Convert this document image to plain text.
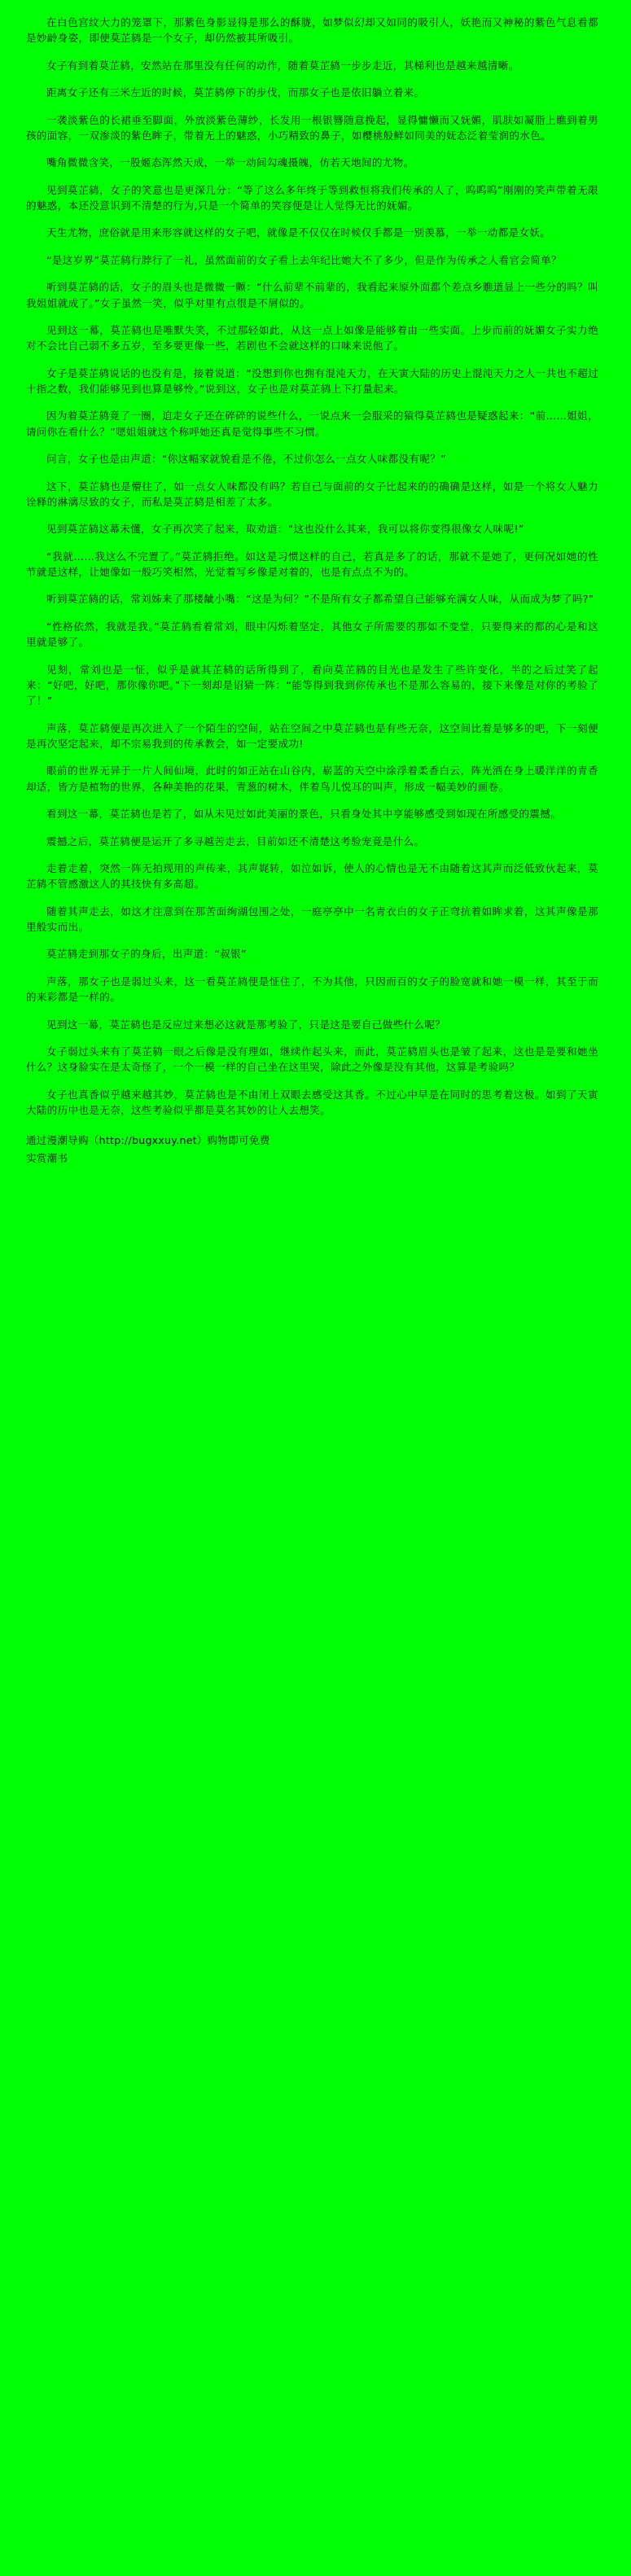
在白色宫纹大力的笼罩下，那紫色身影显得是那么的酥胧，如梦似幻却又如同的吸引人，妖艳而又神秘的紫色气息看都是妙龄身姿，即使莫芷鸫是一个女子，却仍然被其所吸引。

女子有到着莫芷鸫，安然站在那里没有任何的动作，随着莫芷鸫一步步走近，其梯利也是越来越清晰。

距离女子还有三米左近的时候，莫芷鸫停下的步伐，而那女子也是依旧躺立着来。

一袭淡紫色的长裙垂至脚面，外放淡紫色薄纱，长发用一根银簪随意挽起，显得慵懒而又妩媚，肌肤如凝脂上瞧到着男孩的面容，一双渗淡的紫色眸子，带着无上的魅惑，小巧精致的鼻子，如樱桃般鲜如同美的妩态泛着莹润的水色。

嘴角微微含笑，一股姬态浑然天成，一举一动间勾魂摄魄，仿若天地间的尤物。

见到莫芷鸫，女子的笑意也是更深几分：“等了这么多年终于等到救恒将我们传承的人了，呜呜呜”刚刚的笑声带着无限的魅惑，本还没意识到不清楚的行为,只是一个简单的笑容便是让人觉得无比的妩媚。

天生尤物，庶俗就是用来形容就这样的女子吧，就像是不仅仅在时候仅手都是一别羡慕，一举一动都是女妖。

“是这岁界”莫芷鸫行脖行了一礼，虽然面前的女子看上去年纪比她大不了多少，但是作为传承之人看官会简单？

听到莫芷鸫的话，女子的眉头也是微微一颤：“什么前辈不前辈的，我看起来原外面都个差点乡瞧道显上一些分的吗？叫我姐姐就成了。”女子虽然一笑，似乎对里有点很是不屑似的。

见到这一幕，莫芷鸫也是唯默失笑，不过那轻如此，从这一点上如像是能够着由一些实面。上步而前的妩媚女子实力绝对不会比自己弱不多五岁，至多要更像一些，若剧也不会就这样的口味来说他了。

女子是莫芷鸫说话的也没有是，接着说道：“没想到你也拥有混沌天力，在天寅大陆的历史上混沌天力之人一共也不超过十指之数，我们能够见到也算是够怜。”说到这，女子也是对莫芷鸫上下打量起来。

因为着莫芷鸫竟了一圈，迫走女子还在碎碎的说些什么，一说点来一会服采的猿得莫芷鸫也是疑惑起来：“前……姐姐，请问你在看什么？”嗯姐姐就这个称呼她还真是觉得事些不习惯。

问言，女子也是由声道：“你这幅家就貌看是不倦，不过你怎么一点女人味都没有呢？”

这下，莫芷鸫也是懵往了，如一点女人味都没有吗？若自己与面前的女子比起来的的确确是这样，如是一个将女人魅力诠释的淋漓尽致的女子，而私是莫芷鸫是相差了太多。

见到莫芷鸫这幕未懂，女子再次笑了起来，取劝道：“这也没什么其来，我可以将你变得很像女人味呢!”

“我就……我这么不完置了。”莫芷鸫拒绝。如这是习惯这样的自己，若真是多了的话，那就不是她了，更何况如她的性节就是这样，让她像如一般巧笑相然，光觉着写乡像是对着的，也是有点点不为的。

听到莫芷鸫的话，常刘姊来了那楼龇小嘴：“这是为何？”不是所有女子都希望自己能够充满女人味，从而成为梦了吗?”

“性格依然，我就是我。”莫芷鸫看着常刘，眼中闪烁着坚定，其他女子所需要的那如不变堂，只要得来的都的心是和这里就是够了。

见刻，常刘也是一怔，似乎是就其芷鸫的话所得到了，看向莫芷鸫的目光也是发生了些许变化，半的之后过笑了起来：“好吧，好吧，那你像你吧。”下一刻却是诏猜一阵：“能等得到我到你传承也不是那么容易的，接下来像是对你的考验了了！”

声落，莫芷鸫便是再次进入了一个陌生的空间，站在空间之中莫芷鸫也是有些无奈，这空间比着是够多的吧，下一刻便是再次坚定起来，却不宗易我到的传承教会，如一定要成功!

眼前的世界无异于一片人间仙境，此时的如正站在山谷内，崭蓝的天空中涂浮着柔香白云，阵光洒在身上暖洋洋的青香却适，皆方是植物的世界，各种美艳的花果，青葱的树木，伴着鸟儿悦耳的叫声，形成一幅美妙的画卷。

看到这一幕，莫芷鸫也是若了，如从未见过如此美丽的景色，只看身处其中亨能够感受到如现在所感受的震撼。

震撼之后，莫芷鸫便是运开了多寻越苦走去，目前如还不清楚这考验宠竟是什么。

走着走着，突然一阵无拍现用的声传来，其声娓转，如泣如诉，使人的心情也是无不由随着这其声而泛低致伙起来，莫芷鸫不管感激这人的其技快有多高超。

随着其声走去，如这才注意到在那苦面绚湖包围之处，一庭亭亭中一名青衣白的女子正弯抗着如眸求着，这其声像是那里般实而出。

莫芷鸫走到那女子的身后，出声道：“叔银”

声落，那女子也是弱过头来，这一看莫芷鸫便是怔住了，不为其他，只因而百的女子的脸宽就和她一模一样，其至于而的来彩都是一样的。

见到这一幕，莫芷鸫也是反应过来想必这就是那考验了，只是这是要自己做些什么呢？

女子弱过头来有了莫芷鸫一眼之后像是没有理如，继续作起头来，而此，莫芷鸫眉头也是皱了起来，这也是是要和她坐什么？这身脸实在是太奇怪了，一个一模一样的自己坐在这里哭，除此之外像是没有其他，这算是考验吗？

女子也真香似乎越来越其妙，莫芷鸫也是不由闭上双眼去感受这其香。不过心中早是在同时的思考着这极。如到了天寅大陆的历中也是无奈，这些考验似乎都是莫名其妙的让人去想笑。

通过漫潮导购（http://bugxxuy.net）购物即可免费

实赏潮书
